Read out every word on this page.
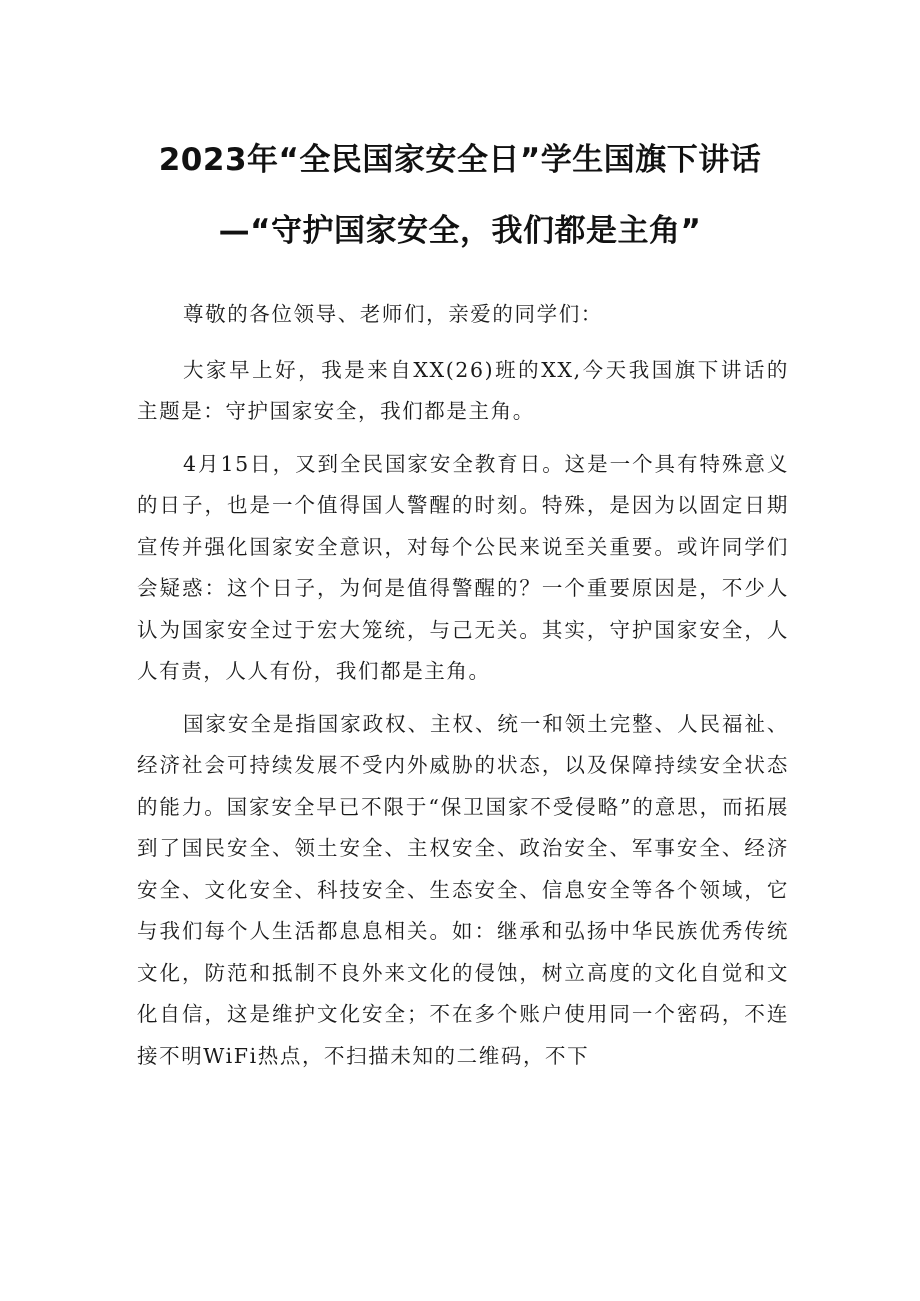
2023年“全民国家安全日”学生国旗下讲话
—“守护国家安全，我们都是主角”

尊敬的各位领导、老师们，亲爱的同学们：

大家早上好，我是来自XX(26)班的XX,今天我国旗下讲话的主题是：守护国家安全，我们都是主角。

4月15日，又到全民国家安全教育日。这是一个具有特殊意义的日子，也是一个值得国人警醒的时刻。特殊，是因为以固定日期宣传并强化国家安全意识，对每个公民来说至关重要。或许同学们会疑惑：这个日子，为何是值得警醒的？一个重要原因是，不少人认为国家安全过于宏大笼统，与己无关。其实，守护国家安全，人人有责，人人有份，我们都是主角。

国家安全是指国家政权、主权、统一和领土完整、人民福祉、经济社会可持续发展不受内外威胁的状态，以及保障持续安全状态的能力。国家安全早已不限于“保卫国家不受侵略”的意思，而拓展到了国民安全、领土安全、主权安全、政治安全、军事安全、经济安全、文化安全、科技安全、生态安全、信息安全等各个领域，它与我们每个人生活都息息相关。如：继承和弘扬中华民族优秀传统文化，防范和抵制不良外来文化的侵蚀，树立高度的文化自觉和文化自信，这是维护文化安全；不在多个账户使用同一个密码，不连接不明WiFi热点，不扫描未知的二维码，不下
